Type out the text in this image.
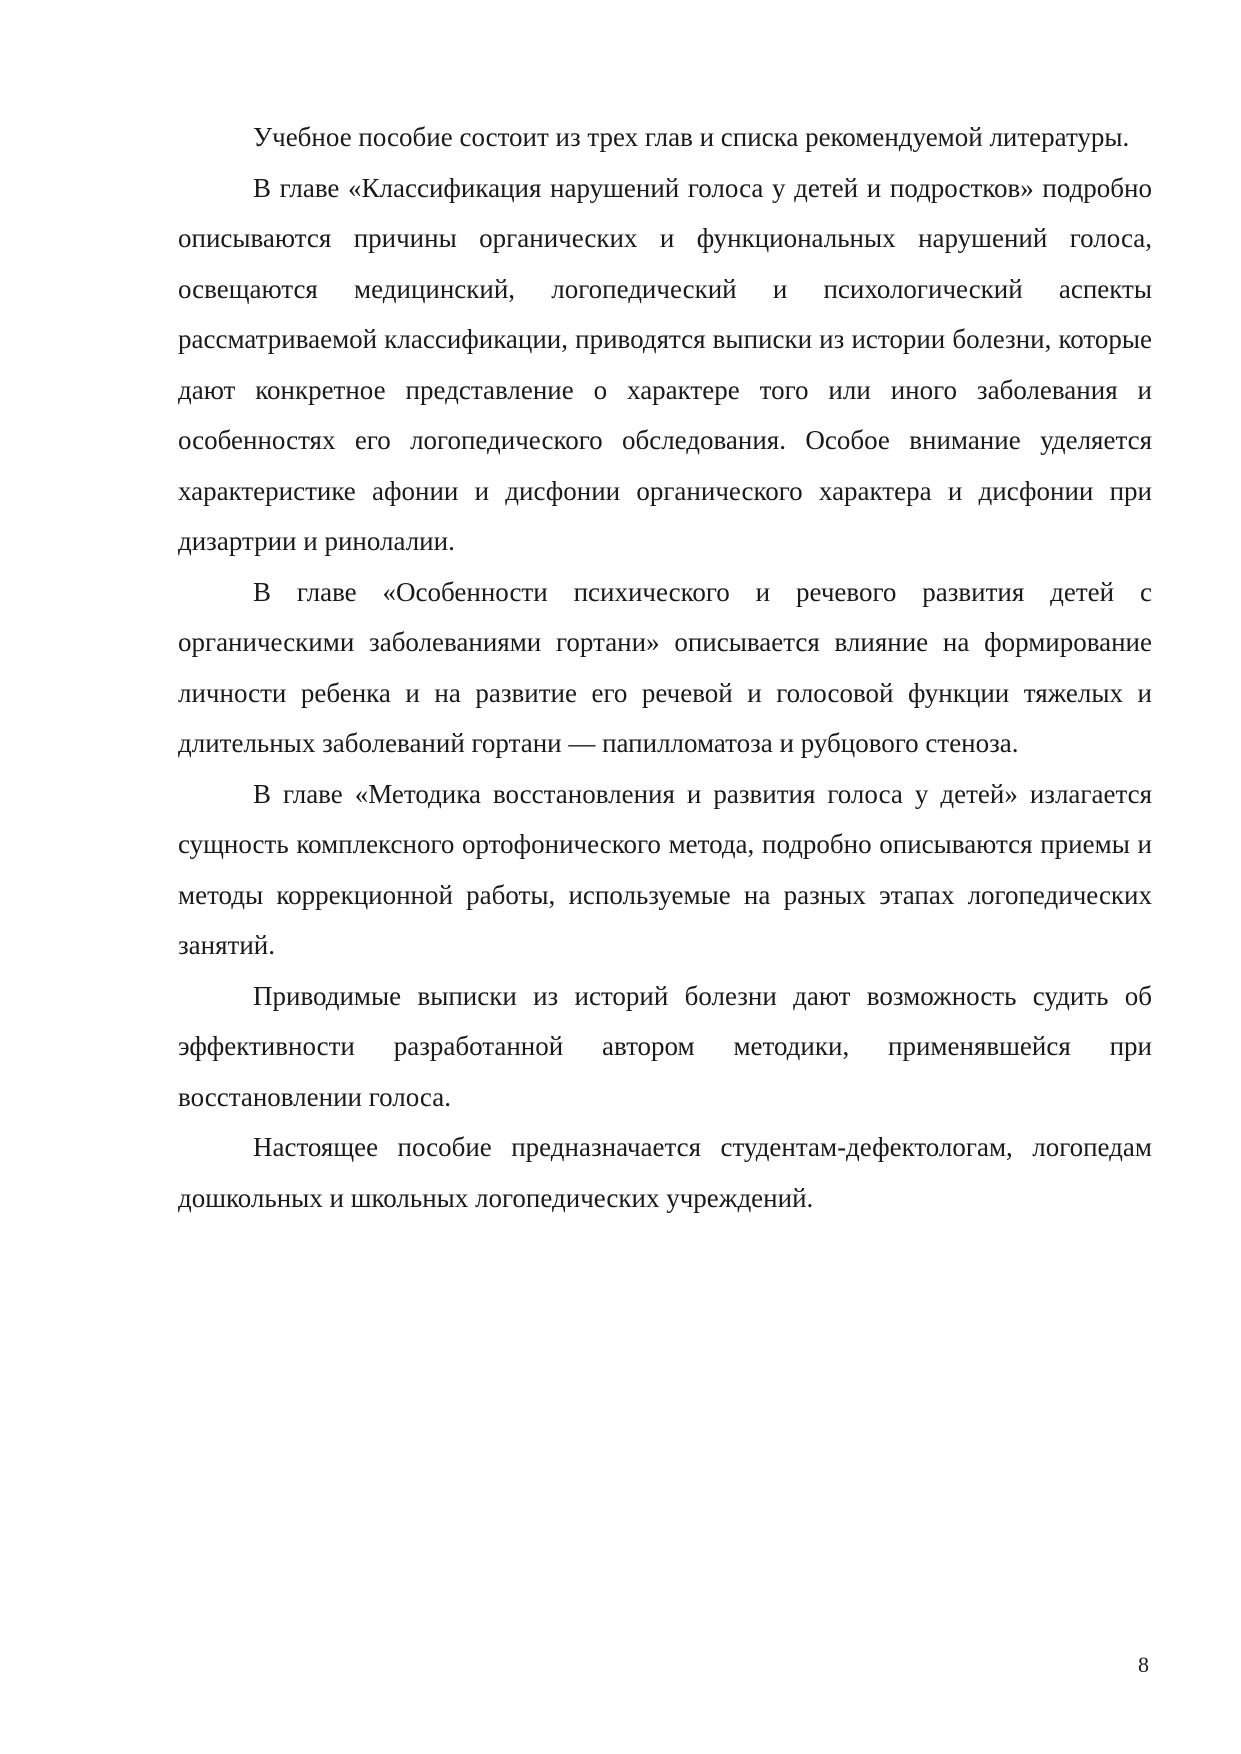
Учебное пособие состоит из трех глав и списка рекомендуемой литературы.

В главе «Классификация нарушений голоса у детей и подростков» подробно описываются причины органических и функциональных нарушений голоса, освещаются медицинский, логопедический и психологический аспекты рассматриваемой классификации, приводятся выписки из истории болезни, которые дают конкретное представление о характере того или иного заболевания и особенностях его логопедического обследования. Особое внимание уделяется характеристике афонии и дисфонии органического характера и дисфонии при дизартрии и ринолалии.

В главе «Особенности психического и речевого развития детей с органическими заболеваниями гортани» описывается влияние на формирование личности ребенка и на развитие его речевой и голосовой функции тяжелых и длительных заболеваний гортани — папилломатоза и рубцового стеноза.

В главе «Методика восстановления и развития голоса у детей» излагается сущность комплексного ортофонического метода, подробно описываются приемы и методы коррекционной работы, используемые на разных этапах логопедических занятий.

Приводимые выписки из историй болезни дают возможность судить об эффективности разработанной автором методики, применявшейся при восстановлении голоса.

Настоящее пособие предназначается студентам-дефектологам, логопедам дошкольных и школьных логопедических учреждений.

8
